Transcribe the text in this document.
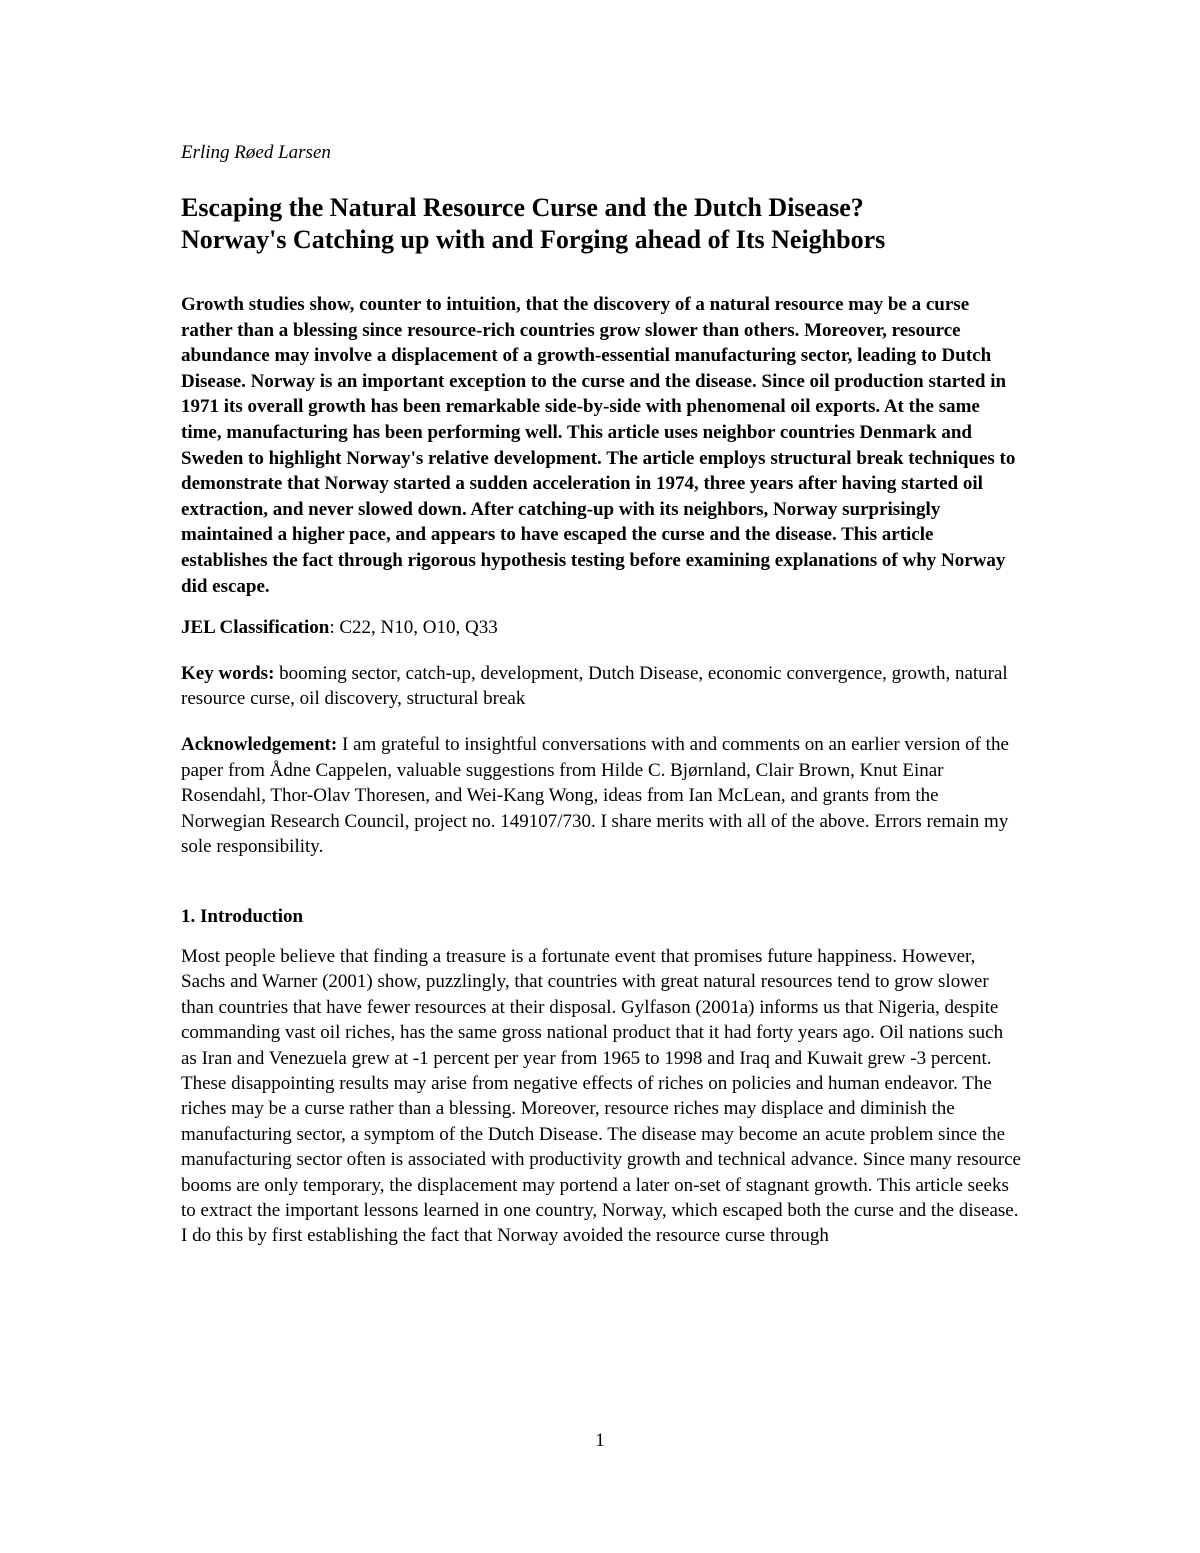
Erling Røed Larsen

Escaping the Natural Resource Curse and the Dutch Disease?
Norway's Catching up with and Forging ahead of Its Neighbors

Growth studies show, counter to intuition, that the discovery of a natural resource may be a curse rather than a blessing since resource-rich countries grow slower than others. Moreover, resource abundance may involve a displacement of a growth-essential manufacturing sector, leading to Dutch Disease. Norway is an important exception to the curse and the disease. Since oil production started in 1971 its overall growth has been remarkable side-by-side with phenomenal oil exports. At the same time, manufacturing has been performing well. This article uses neighbor countries Denmark and Sweden to highlight Norway's relative development. The article employs structural break techniques to demonstrate that Norway started a sudden acceleration in 1974, three years after having started oil extraction, and never slowed down. After catching-up with its neighbors, Norway surprisingly maintained a higher pace, and appears to have escaped the curse and the disease. This article establishes the fact through rigorous hypothesis testing before examining explanations of why Norway did escape.

JEL Classification: C22, N10, O10, Q33

Key words: booming sector, catch-up, development, Dutch Disease, economic convergence, growth, natural resource curse, oil discovery, structural break

Acknowledgement: I am grateful to insightful conversations with and comments on an earlier version of the paper from Ådne Cappelen, valuable suggestions from Hilde C. Bjørnland, Clair Brown, Knut Einar Rosendahl, Thor-Olav Thoresen, and Wei-Kang Wong, ideas from Ian McLean, and grants from the Norwegian Research Council, project no. 149107/730. I share merits with all of the above. Errors remain my sole responsibility.

1. Introduction

Most people believe that finding a treasure is a fortunate event that promises future happiness. However, Sachs and Warner (2001) show, puzzlingly, that countries with great natural resources tend to grow slower than countries that have fewer resources at their disposal. Gylfason (2001a) informs us that Nigeria, despite commanding vast oil riches, has the same gross national product that it had forty years ago. Oil nations such as Iran and Venezuela grew at -1 percent per year from 1965 to 1998 and Iraq and Kuwait grew -3 percent. These disappointing results may arise from negative effects of riches on policies and human endeavor. The riches may be a curse rather than a blessing. Moreover, resource riches may displace and diminish the manufacturing sector, a symptom of the Dutch Disease. The disease may become an acute problem since the manufacturing sector often is associated with productivity growth and technical advance. Since many resource booms are only temporary, the displacement may portend a later on-set of stagnant growth. This article seeks to extract the important lessons learned in one country, Norway, which escaped both the curse and the disease. I do this by first establishing the fact that Norway avoided the resource curse through

1
